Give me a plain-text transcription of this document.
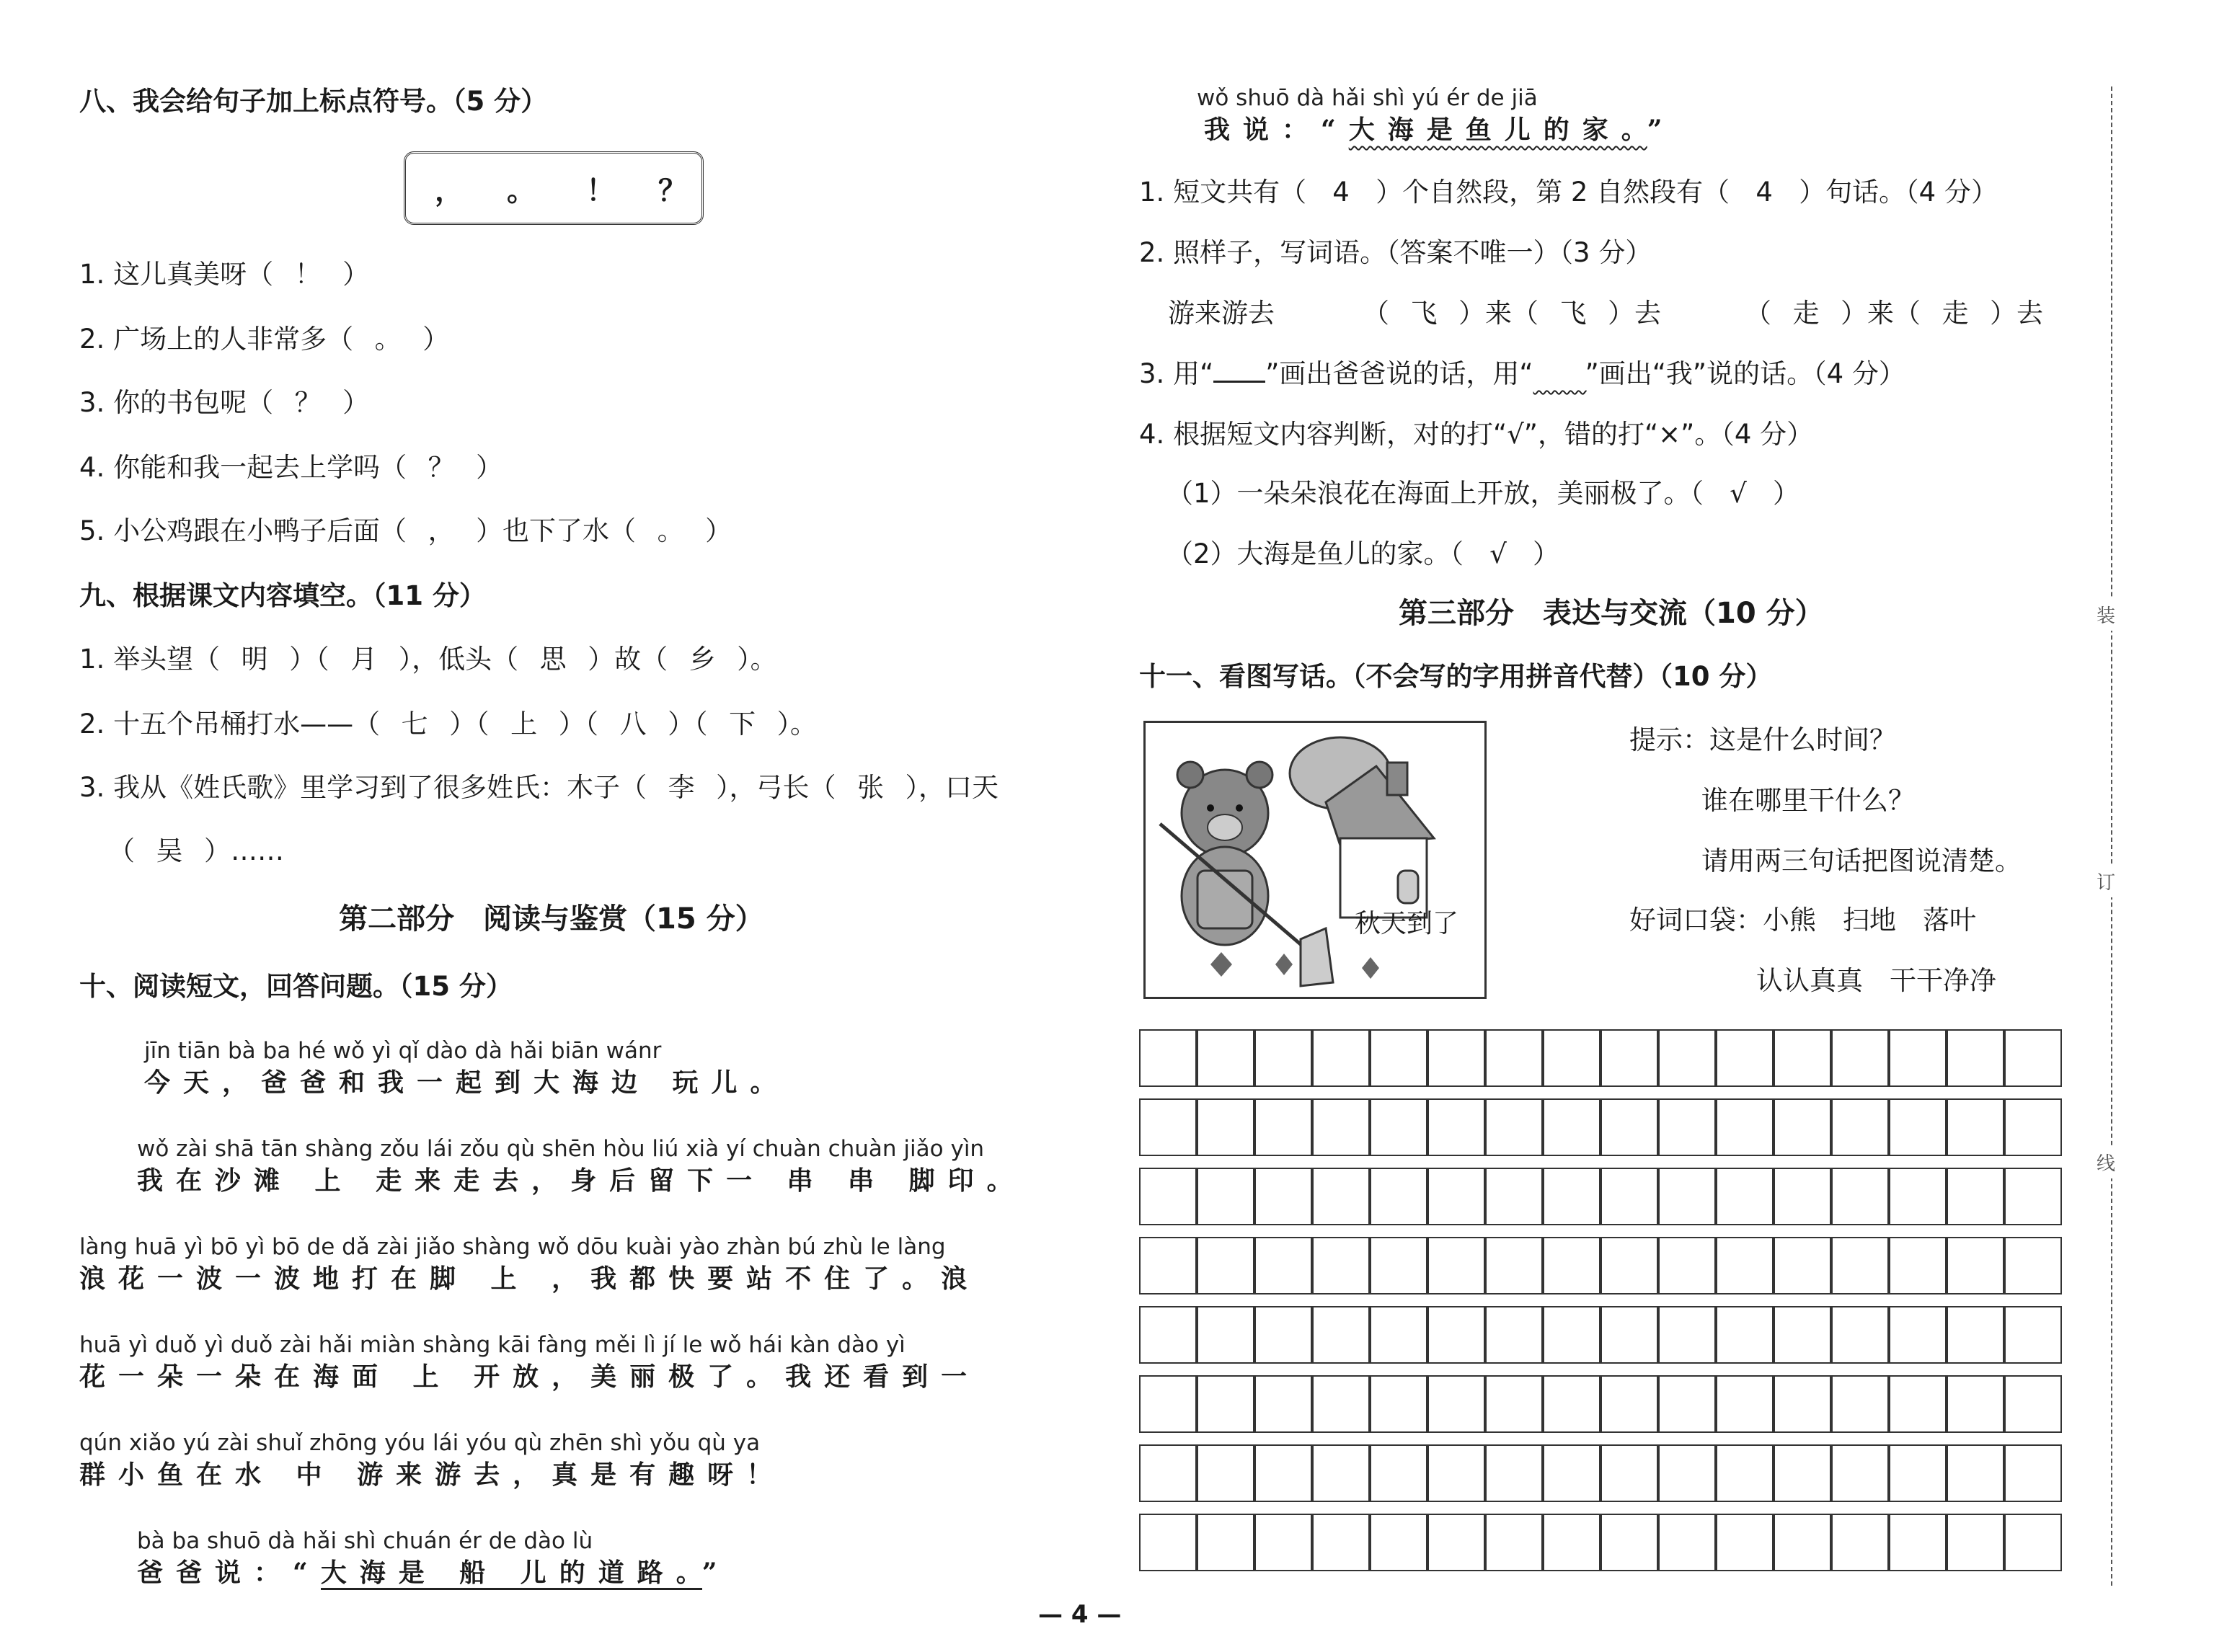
八、我会给句子加上标点符号。（5 分）
， 。 ！ ？
1. 这儿真美呀（ ！ ）
2. 广场上的人非常多（ 。 ）
3. 你的书包呢（ ？ ）
4. 你能和我一起去上学吗（ ？ ）
5. 小公鸡跟在小鸭子后面（ ， ）也下了水（ 。 ）
九、根据课文内容填空。（11 分）
1. 举头望（ 明 ）（ 月 ），低头（ 思 ）故（ 乡 ）。
2. 十五个吊桶打水——（ 七 ）（ 上 ）（ 八 ）（ 下 ）。
3. 我从《姓氏歌》里学习到了很多姓氏：木子（ 李 ），弓长（ 张 ），口天
（ 吴 ）……
第二部分　阅读与鉴赏（15 分）
十、阅读短文，回答问题。（15 分）
jīn tiān bà ba hé wǒ yì qǐ dào dà hǎi biān wánr
今天，爸爸和我一起到大海边 玩儿。
wǒ zài shā tān shàng zǒu lái zǒu qù shēn hòu liú xià yí chuàn chuàn jiǎo yìn
我在沙滩 上 走来走去，身后留下一 串 串 脚印。
làng huā yì bō yì bō de dǎ zài jiǎo shàng wǒ dōu kuài yào zhàn bú zhù le làng
浪花一波一波地打在脚 上 ，我都快要站不住了。浪
huā yì duǒ yì duǒ zài hǎi miàn shàng kāi fàng měi lì jí le wǒ hái kàn dào yì
花一朵一朵在海面 上 开放，美丽极了。我还看到一
qún xiǎo yú zài shuǐ zhōng yóu lái yóu qù zhēn shì yǒu qù ya
群小鱼在水 中 游来游去，真是有趣呀！
bà ba shuō dà hǎi shì chuán ér de dào lù
爸爸说：“大海是 船 儿的道路。”
wǒ shuō dà hǎi shì yú ér de jiā
我说：“大海是鱼儿的家。”
1. 短文共有（ 4 ）个自然段，第 2 自然段有（ 4 ）句话。（4 分）
2. 照样子，写词语。（答案不唯一）（3 分）
游来游去	（ 飞 ）来（ 飞 ）去	（ 走 ）来（ 走 ）去
3. 用“ ”画出爸爸说的话，用“​　　”画出“我”说的话。（4 分）
4. 根据短文内容判断，对的打“√”，错的打“×”。（4 分）
（1）一朵朵浪花在海面上开放，美丽极了。（ √ ）
（2）大海是鱼儿的家。（ √ ）
第三部分　表达与交流（10 分）
十一、看图写话。（不会写的字用拼音代替）（10 分）
秋天到了
提示：这是什么时间？
谁在哪里干什么？
请用两三句话把图说清楚。
好词口袋：小熊　扫地　落叶
认认真真　干干净净
装
订
线
— 4 —
